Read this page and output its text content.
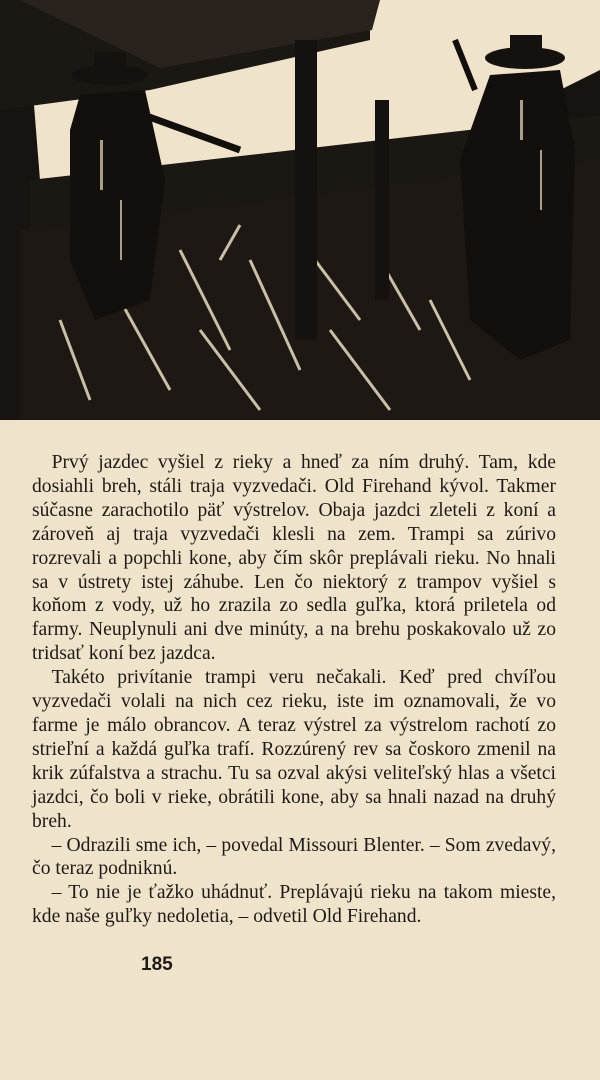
Prvý jazdec vyšiel z rieky a hneď za ním druhý. Tam, kde dosiahli breh, stáli traja vyzvedači. Old Firehand kývol. Takmer súčasne zarachotilo päť výstrelov. Obaja jazdci zleteli z koní a zároveň aj traja vyzvedači klesli na zem. Trampi sa zúrivo rozrevali a popchli kone, aby čím skôr preplávali rieku. No hnali sa v ústrety istej záhube. Len čo niektorý z trampov vyšiel s koňom z vody, už ho zrazila zo sedla guľka, ktorá priletela od farmy. Neuplynuli ani dve minúty, a na brehu poskakovalo už zo tridsať koní bez jazdca.

Takéto privítanie trampi veru nečakali. Keď pred chvíľou vyzvedači volali na nich cez rieku, iste im oznamovali, že vo farme je málo obrancov. A teraz výstrel za výstrelom rachotí zo strieľní a každá guľka trafí. Rozzúrený rev sa čoskoro zmenil na krik zúfalstva a strachu. Tu sa ozval akýsi veliteľský hlas a všetci jazdci, čo boli v rieke, obrátili kone, aby sa hnali nazad na druhý breh.

– Odrazili sme ich, – povedal Missouri Blenter. – Som zvedavý, čo teraz podniknú.

– To nie je ťažko uhádnuť. Preplávajú rieku na takom mieste, kde naše guľky nedoletia, – odvetil Old Firehand.

185
